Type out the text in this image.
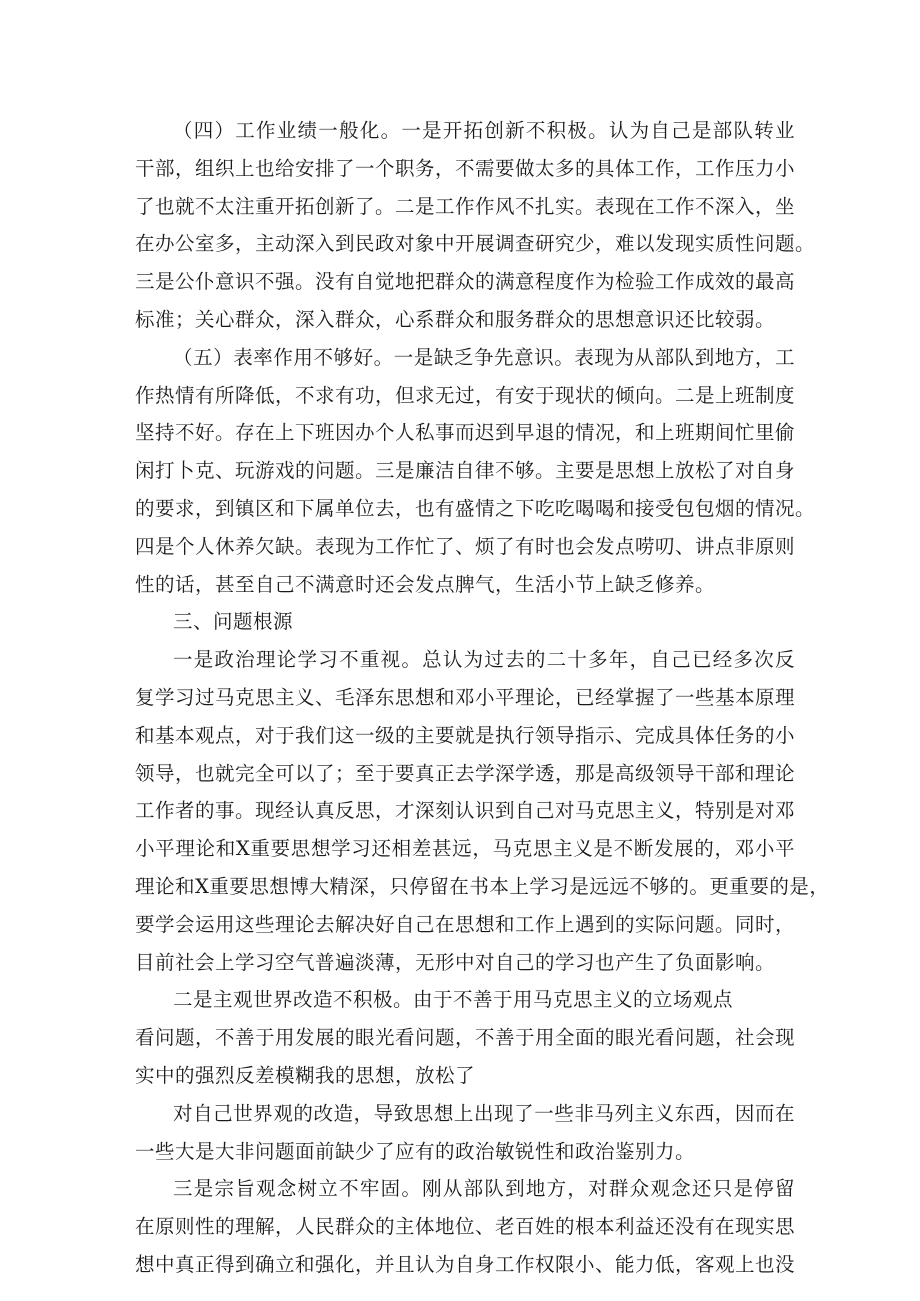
（四）工作业绩一般化。一是开拓创新不积极。认为自己是部队转业
干部，组织上也给安排了一个职务，不需要做太多的具体工作，工作压力小
了也就不太注重开拓创新了。二是工作作风不扎实。表现在工作不深入，坐
在办公室多，主动深入到民政对象中开展调查研究少，难以发现实质性问题。
三是公仆意识不强。没有自觉地把群众的满意程度作为检验工作成效的最高
标准；关心群众，深入群众，心系群众和服务群众的思想意识还比较弱。
（五）表率作用不够好。一是缺乏争先意识。表现为从部队到地方，工
作热情有所降低，不求有功，但求无过，有安于现状的倾向。二是上班制度
坚持不好。存在上下班因办个人私事而迟到早退的情况，和上班期间忙里偷
闲打卜克、玩游戏的问题。三是廉洁自律不够。主要是思想上放松了对自身
的要求，到镇区和下属单位去，也有盛情之下吃吃喝喝和接受包包烟的情况。
四是个人休养欠缺。表现为工作忙了、烦了有时也会发点唠叨、讲点非原则
性的话，甚至自己不满意时还会发点脾气，生活小节上缺乏修养。
三、问题根源
一是政治理论学习不重视。总认为过去的二十多年，自己已经多次反
复学习过马克思主义、毛泽东思想和邓小平理论，已经掌握了一些基本原理
和基本观点，对于我们这一级的主要就是执行领导指示、完成具体任务的小
领导，也就完全可以了；至于要真正去学深学透，那是高级领导干部和理论
工作者的事。现经认真反思，才深刻认识到自己对马克思主义，特别是对邓
小平理论和X重要思想学习还相差甚远，马克思主义是不断发展的，邓小平
理论和X重要思想博大精深，只停留在书本上学习是远远不够的。更重要的是，
要学会运用这些理论去解决好自己在思想和工作上遇到的实际问题。同时，
目前社会上学习空气普遍淡薄，无形中对自己的学习也产生了负面影响。
二是主观世界改造不积极。由于不善于用马克思主义的立场观点
看问题，不善于用发展的眼光看问题，不善于用全面的眼光看问题，社会现
实中的强烈反差模糊我的思想，放松了
对自己世界观的改造，导致思想上出现了一些非马列主义东西，因而在
一些大是大非问题面前缺少了应有的政治敏锐性和政治鉴别力。
三是宗旨观念树立不牢固。刚从部队到地方，对群众观念还只是停留
在原则性的理解，人民群众的主体地位、老百姓的根本利益还没有在现实思
想中真正得到确立和强化，并且认为自身工作权限小、能力低，客观上也没
